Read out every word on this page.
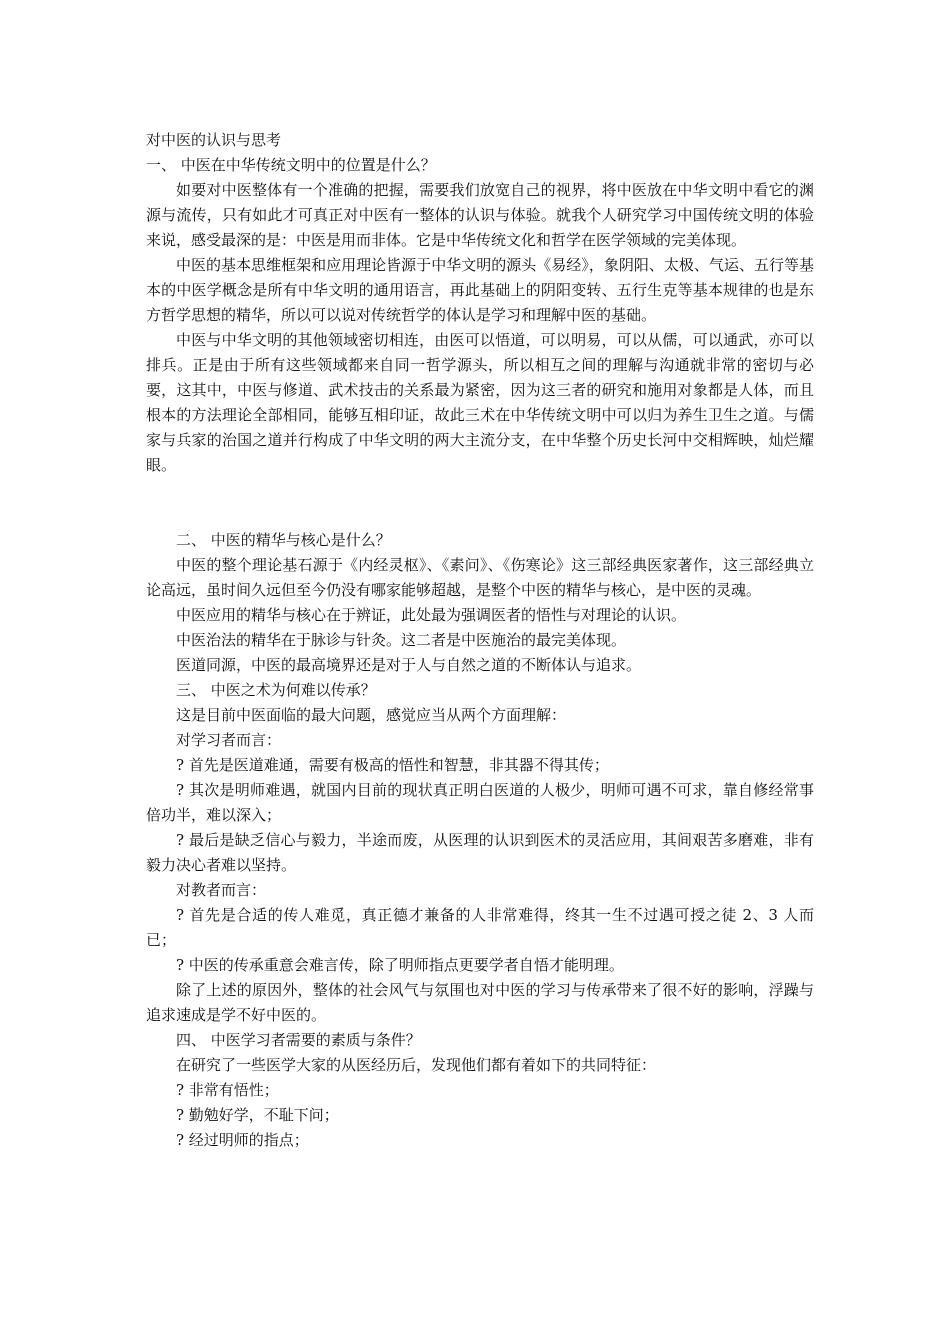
对中医的认识与思考

一、 中医在中华传统文明中的位置是什么？

如要对中医整体有一个准确的把握，需要我们放宽自己的视界，将中医放在中华文明中看它的渊源与流传，只有如此才可真正对中医有一整体的认识与体验。就我个人研究学习中国传统文明的体验来说，感受最深的是：中医是用而非体。它是中华传统文化和哲学在医学领域的完美体现。

中医的基本思维框架和应用理论皆源于中华文明的源头《易经》，象阴阳、太极、气运、五行等基本的中医学概念是所有中华文明的通用语言，再此基础上的阴阳变转、五行生克等基本规律的也是东方哲学思想的精华，所以可以说对传统哲学的体认是学习和理解中医的基础。

中医与中华文明的其他领域密切相连，由医可以悟道，可以明易，可以从儒，可以通武，亦可以排兵。正是由于所有这些领域都来自同一哲学源头，所以相互之间的理解与沟通就非常的密切与必要，这其中，中医与修道、武术技击的关系最为紧密，因为这三者的研究和施用对象都是人体，而且根本的方法理论全部相同，能够互相印证，故此三术在中华传统文明中可以归为养生卫生之道。与儒家与兵家的治国之道并行构成了中华文明的两大主流分支，在中华整个历史长河中交相辉映，灿烂耀眼。

二、 中医的精华与核心是什么？

中医的整个理论基石源于《内经灵枢》、《素问》、《伤寒论》这三部经典医家著作，这三部经典立论高远，虽时间久远但至今仍没有哪家能够超越，是整个中医的精华与核心，是中医的灵魂。

中医应用的精华与核心在于辨证，此处最为强调医者的悟性与对理论的认识。

中医治法的精华在于脉诊与针灸。这二者是中医施治的最完美体现。

医道同源，中医的最高境界还是对于人与自然之道的不断体认与追求。

三、 中医之术为何难以传承？

这是目前中医面临的最大问题，感觉应当从两个方面理解：

对学习者而言：

? 首先是医道难通，需要有极高的悟性和智慧，非其器不得其传；

? 其次是明师难遇，就国内目前的现状真正明白医道的人极少，明师可遇不可求，靠自修经常事倍功半，难以深入；

? 最后是缺乏信心与毅力，半途而废，从医理的认识到医术的灵活应用，其间艰苦多磨难，非有毅力决心者难以坚持。

对教者而言：

? 首先是合适的传人难觅，真正德才兼备的人非常难得，终其一生不过遇可授之徒 2、3 人而已；

? 中医的传承重意会难言传，除了明师指点更要学者自悟才能明理。

除了上述的原因外，整体的社会风气与氛围也对中医的学习与传承带来了很不好的影响，浮躁与追求速成是学不好中医的。

四、 中医学习者需要的素质与条件？

在研究了一些医学大家的从医经历后，发现他们都有着如下的共同特征：

? 非常有悟性；

? 勤勉好学，不耻下问；

? 经过明师的指点；
